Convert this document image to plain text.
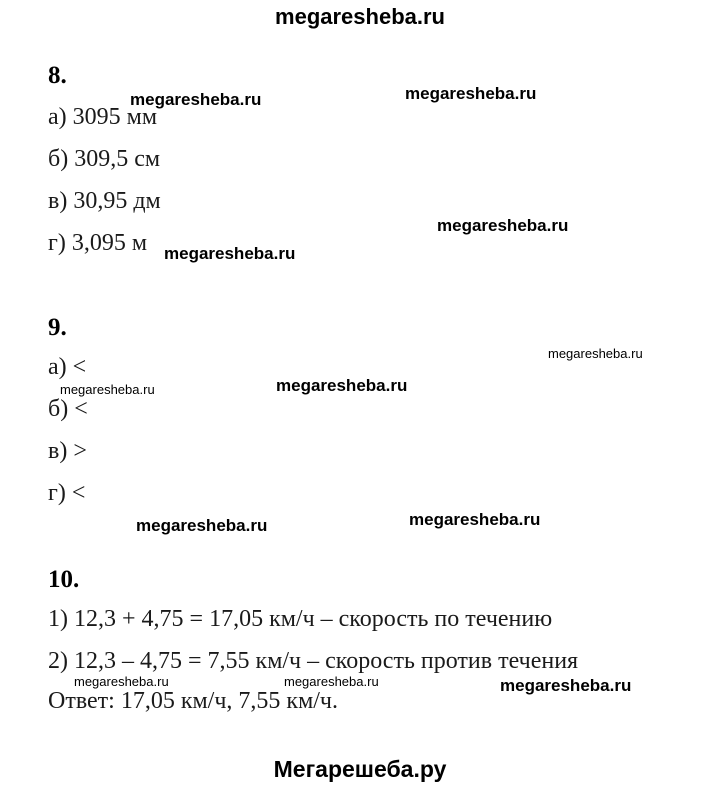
megaresheba.ru
8.
а) 3095 мм
б) 309,5 см
в) 30,95 дм
г) 3,095 м
9.
а) <
б) <
в) >
г) <
10.
1) 12,3 + 4,75 = 17,05 км/ч – скорость по течению
2) 12,3 – 4,75 = 7,55 км/ч – скорость против течения
Ответ: 17,05 км/ч, 7,55 км/ч.
megaresheba.ru	megaresheba.ru
megaresheba.ru
megaresheba.ru
megaresheba.ru
megaresheba.ru
megaresheba.ru
megaresheba.ru	megaresheba.ru
megaresheba.ru	megaresheba.ru	megaresheba.ru
Мегарешеба.ру
